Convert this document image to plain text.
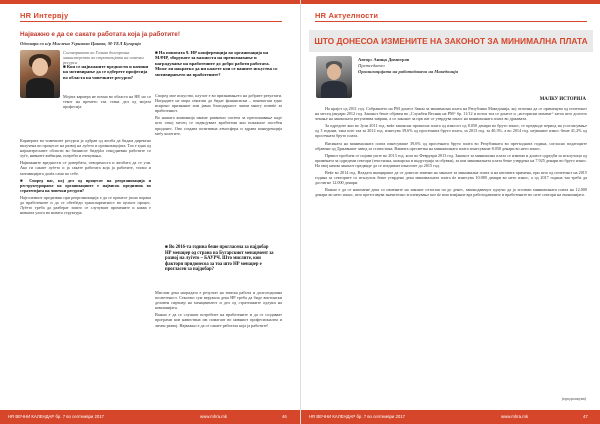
HR Интервју
Најважно е да се сакате работата која ја работите!
Одговара со н/р Миглена Угринова Цакова, М-ТЕЛ Бугарија
Соговорникот во Главна долгорочна министерство во стратегијата на човечки ресурси
■ Кои се најважните вредности и начини на мотивирање да се одберете професија во областа на човечките ресурси?
Мојата кариера не почна во областа на НР, но со текот на времето таа стана дел од мојата професија.

Кариерата во човечките ресурси ја одбрав од желба да бидам директно вклучена во процесот на развој на луѓето и организацијата. Тоа е една од најинтересните области во бизнисот бидејќи секојдневно работите со луѓе, нивните амбиции, потреби и очекувања.

Најважните вредности се довербата, отвореноста и желбата да се учи. Ако ги сакате луѓето и ја сакате работата која ја работите, тогаш и мотивацијата доаѓа сама по себе.

■ Според вас, кој дел од процесот на реорганизација и реструктурирање на организациите е највисок предизвик во стратегијата на човечки ресурси?

Најголемиот предизвик при реорганизација е да се пренесе јасна порака до вработените и да се обезбеди транспарентност во целиот процес. Луѓето треба да разберат зошто се случуваат промените и каква е нивната улога во новата структура.

■ На попатата 9. НР конференција во организација на МАЧР, зборувате за важноста на препознавање и наградување на вработените до добро работи работата. Може ли накратко да ни кажете кои се вашите искуства со мотивирањето на вработените?

Според мое искуство, клучот е во признавањето на добрите резултати. Наградите не мора секогаш да бидат финансиски – понекогаш едно искрено признание или јавна благодарност значи многу повеќе за вработениот.

Во нашата компанија имаме развиено систем за препознавање каде што секој месец се издвојуваат вработени кои покажале посебен придонес. Ова создава позитивна атмосфера и здрава конкуренција меѓу колегите.

■ Во 2016-та година беше прогласена за најдобар НР менаџер од страна на Бугарскиот менаџмент за развој на луѓето – БАУРЧ. Што мислите, кои фактори придонесоа за тоа што НР менаџер е прогласен за најдобар?

Мислам дека наградата е резултат на тимска работа и долгогодишна посветеност. Секогаш сум верувала дека НР треба да биде вистински деловен партнер на менаџментот и дел од стратешките одлуки на компанијата.

Важно е да се слушаат потребите на вработените и да се создаваат програми кои навистина им помагаат во нивниот професионален и личен развој. Најважно е да се сакате работата која ја работите!

HR ВЕЧНИ КАЛЕНДАР бр. 7 во септември 2017	www.mhra.mk	46
HR Актуелности
ШТО ДОНЕСОА ИЗМЕНИТЕ НА ЗАКОНОТ ЗА МИНИМАЛНА ПЛАТА
Автор: Аница Димитров
Претседател
Организацијата на работодавачи на Македонија
МАЛКУ ИСТОРИЈА

На крајот од 2011 год. Собранието на РМ донесе Закон за минимална плата на Република Македонија, кој отпочна да се применува од почетокот на месец јануари 2012 год. Законот беше објавен во „Службен Весник на РМ“ бр. 11/12 и потоа тоа се донесе и „историски момент“ затоа што долгото чекање на законската регулатива заврши, а со законот за прв пат се утврдува износ на минималната плата во државата.

За одредите кои во Јули 2011 год. веќе законски прописна плата од износот од 8.050 денари во бруто износ, се предвиде период на усогласување од 3 години, така што таа за 2012 год. изнесува 39,6% од просечната бруто плата, за 2013 год. за 40,3%, а во 2014 год. нејзиниот износ беше 41,2% од просечната бруто плата.

Висината на минималната плата изнесуваше 39,6% од просечната бруто плата во Републиката во претходната година, согласно податоците објавени од Државниот завод за статистика. Ваквата пресметка на минималната плата изнесуваше 8.050 денари во нето износ.

Првиот проблем се појави уште во 2013 год. кога во Февруари 2013 год. Законот за минимална плата се измени и донесе одредби за исклучоци од примената за одредени сектори (текстилна, кожарска и индустрија за обувки), за кои минималната плата беше утврдена на 7.925 денари во бруто износ. На овој начин законот предвиде да се изедначат износите до 2015 год.

Веќе во 2014 год. Владата иницираше да се донесат измени на законот за минимална плата и на неговата примена, при што од почетокот на 2015 година за секторите со исклучок беше утврдено дека минималната плата ќе изнесува 10.080 денари во нето износ, а од 2017 година таа треба да достигне 12.000 денари.

Важно е да се напомене дека со измените на законот оттогаш па до денес, законодавецот одлучи да ја зголеми минималната плата на 12.000 денари во нето износ, што претставува значително зголемување кое ќе има влијание врз работодавачите и вработените во сите сектори на економијата.

(продолжува)
HR ВЕЧНИ КАЛЕНДАР бр. 7 во септември 2017	www.mhra.mk	47
